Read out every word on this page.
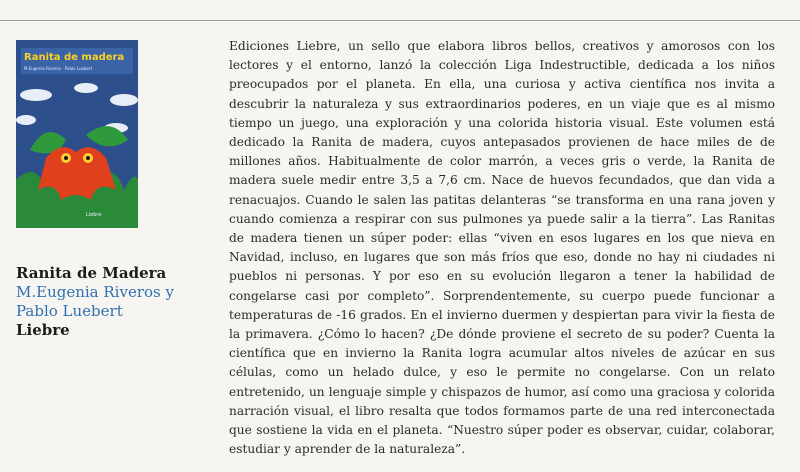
Ranita de madera
M.Eugenia Riveros · Pablo Luebert
Liebre
Ranita de Madera
M.Eugenia Riveros y
Pablo Luebert
Liebre

Ediciones Liebre, un sello que elabora libros bellos, creativos y amorosos con los lectores y el entorno, lanzó la colección Liga Indestructible, dedicada a los niños preocupados por el planeta. En ella, una curiosa y activa científica nos invita a descubrir la naturaleza y sus extraordinarios poderes, en un viaje que es al mismo tiempo un juego, una exploración y una colorida historia visual. Este volumen está dedicado la Ranita de madera, cuyos antepasados provienen de hace miles de de millones años. Habitualmente de color marrón, a veces gris o verde, la Ranita de madera suele medir entre 3,5 a 7,6 cm. Nace de huevos fecundados, que dan vida a renacuajos. Cuando le salen las patitas delanteras “se transforma en una rana joven y cuando comienza a respirar con sus pulmones ya puede salir a la tierra”. Las Ranitas de madera tienen un súper poder: ellas “viven en esos lugares en los que nieva en Navidad, incluso, en lugares que son más fríos que eso, donde no hay ni ciudades ni pueblos ni personas. Y por eso en su evolución llegaron a tener la habilidad de congelarse casi por completo”. Sorprendentemente, su cuerpo puede funcionar a temperaturas de -16 grados. En el invierno duermen y despiertan para vivir la fiesta de la primavera. ¿Cómo lo hacen? ¿De dónde proviene el secreto de su poder? Cuenta la científica que en invierno la Ranita logra acumular altos niveles de azúcar en sus células, como un helado dulce, y eso le permite no congelarse. Con un relato entretenido, un lenguaje simple y chispazos de humor, así como una graciosa y colorida narración visual, el libro resalta que todos formamos parte de una red interconectada que sostiene la vida en el planeta. “Nuestro súper poder es observar, cuidar, colaborar, estudiar y aprender de la naturaleza”.
